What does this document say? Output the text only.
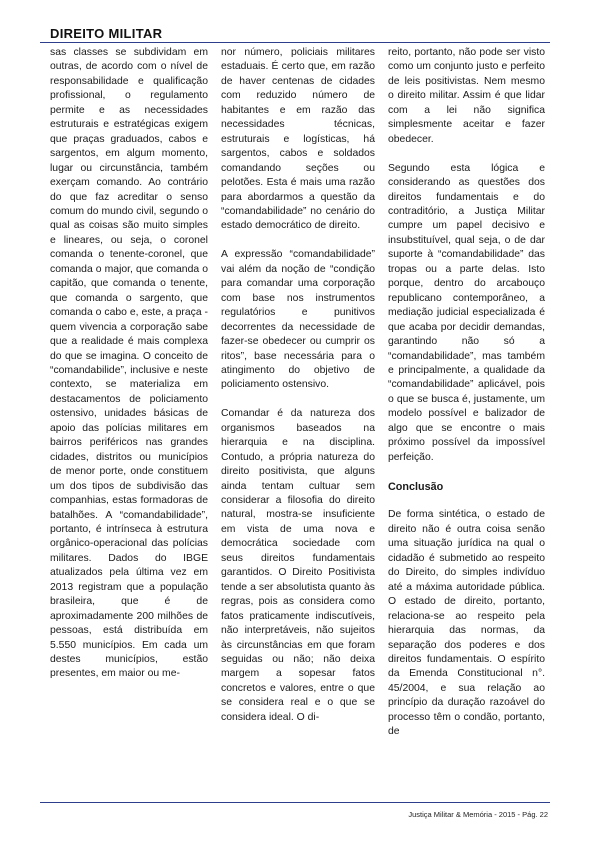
DIREITO MILITAR

sas classes se subdividam em outras, de acordo com o nível de responsabilidade e qualificação profissional, o regulamento permite e as necessidades estruturais e estratégicas exigem que praças graduados, cabos e sargentos, em algum momento, lugar ou circunstância, também exerçam comando. Ao contrário do que faz acreditar o senso comum do mundo civil, segundo o qual as coisas são muito simples e lineares, ou seja, o coronel comanda o tenente-coronel, que comanda o major, que comanda o capitão, que comanda o tenente, que comanda o sargento, que comanda o cabo e, este, a praça - quem vivencia a corporação sabe que a realidade é mais complexa do que se imagina. O conceito de “comandabilide”, inclusive e neste contexto, se materializa em destacamentos de policiamento ostensivo, unidades básicas de apoio das polícias militares em bairros periféricos nas grandes cidades, distritos ou municípios de menor porte, onde constituem um dos tipos de subdivisão das companhias, estas formadoras de batalhões. A “comandabilidade”, portanto, é intrínseca à estrutura orgânico-operacional das polícias militares. Dados do IBGE atualizados pela última vez em 2013 registram que a população brasileira, que é de aproximadamente 200 milhões de pessoas, está distribuída em 5.550 municípios. Em cada um destes municípios, estão presentes, em maior ou me-

nor número, policiais militares estaduais. É certo que, em razão de haver centenas de cidades com reduzido número de habitantes e em razão das necessidades técnicas, estruturais e logísticas, há sargentos, cabos e soldados comandando seções ou pelotões. Esta é mais uma razão para abordarmos a questão da “comandabilidade” no cenário do estado democrático de direito.

A expressão “comandabilidade” vai além da noção de “condição para comandar uma corporação com base nos instrumentos regulatórios e punitivos decorrentes da necessidade de fazer-se obedecer ou cumprir os ritos”, base necessária para o atingimento do objetivo de policiamento ostensivo.

Comandar é da natureza dos organismos baseados na hierarquia e na disciplina. Contudo, a própria natureza do direito positivista, que alguns ainda tentam cultuar sem considerar a filosofia do direito natural, mostra-se insuficiente em vista de uma nova e democrática sociedade com seus direitos fundamentais garantidos. O Direito Positivista tende a ser absolutista quanto às regras, pois as considera como fatos praticamente indiscutíveis, não interpretáveis, não sujeitos às circunstâncias em que foram seguidas ou não; não deixa margem a sopesar fatos concretos e valores, entre o que se considera real e o que se considera ideal. O di-

reito, portanto, não pode ser visto como um conjunto justo e perfeito de leis positivistas. Nem mesmo o direito militar. Assim é que lidar com a lei não significa simplesmente aceitar e fazer obedecer.

Segundo esta lógica e considerando as questões dos direitos fundamentais e do contraditório, a Justiça Militar cumpre um papel decisivo e insubstituível, qual seja, o de dar suporte à “comandabilidade” das tropas ou a parte delas. Isto porque, dentro do arcabouço republicano contemporâneo, a mediação judicial especializada é que acaba por decidir demandas, garantindo não só a “comandabilidade”, mas também e principalmente, a qualidade da “comandabilidade” aplicável, pois o que se busca é, justamente, um modelo possível e balizador de algo que se encontre o mais próximo possível da impossível perfeição.

Conclusão

De forma sintética, o estado de direito não é outra coisa senão uma situação jurídica na qual o cidadão é submetido ao respeito do Direito, do simples indivíduo até a máxima autoridade pública. O estado de direito, portanto, relaciona-se ao respeito pela hierarquia das normas, da separação dos poderes e dos direitos fundamentais. O espírito da Emenda Constitucional n°. 45/2004, e sua relação ao princípio da duração razoável do processo têm o condão, portanto, de

Justiça Militar & Memória - 2015 - Pág. 22
